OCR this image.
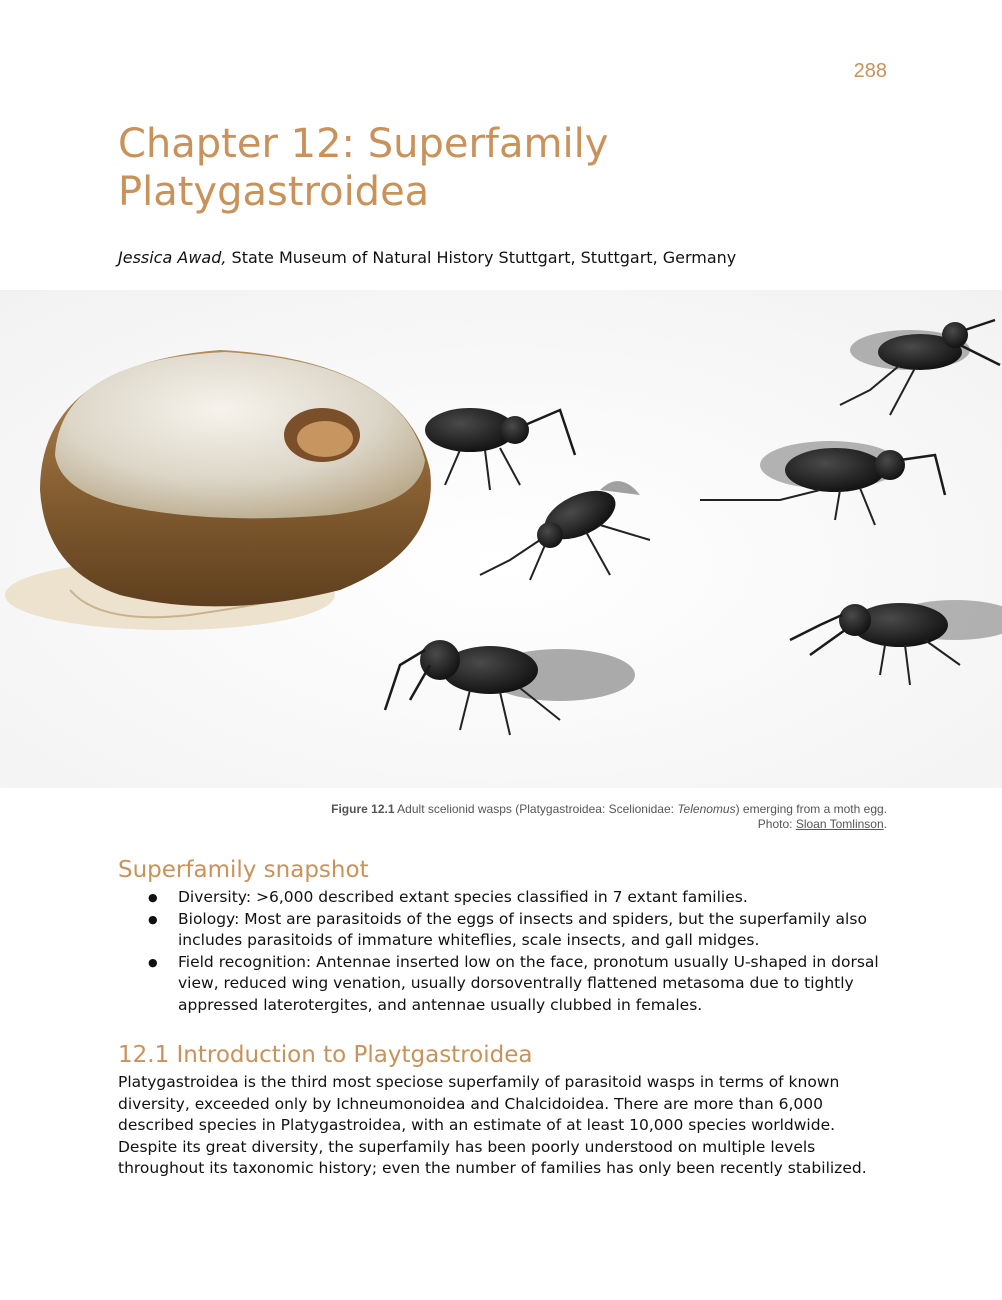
288
Chapter 12: Superfamily Platygastroidea
Jessica Awad, State Museum of Natural History Stuttgart, Stuttgart, Germany
Figure 12.1 Adult scelionid wasps (Platygastroidea: Scelionidae: Telenomus) emerging from a moth egg.
Photo: Sloan Tomlinson.
Superfamily snapshot
● Diversity: >6,000 described extant species classified in 7 extant families.
● Biology: Most are parasitoids of the eggs of insects and spiders, but the superfamily also includes parasitoids of immature whiteflies, scale insects, and gall midges.
● Field recognition: Antennae inserted low on the face, pronotum usually U-shaped in dorsal view, reduced wing venation, usually dorsoventrally flattened metasoma due to tightly appressed laterotergites, and antennae usually clubbed in females.
12.1 Introduction to Playtgastroidea

Platygastroidea is the third most speciose superfamily of parasitoid wasps in terms of known diversity, exceeded only by Ichneumonoidea and Chalcidoidea. There are more than 6,000 described species in Platygastroidea, with an estimate of at least 10,000 species worldwide. Despite its great diversity, the superfamily has been poorly understood on multiple levels throughout its taxonomic history; even the number of families has only been recently stabilized.
